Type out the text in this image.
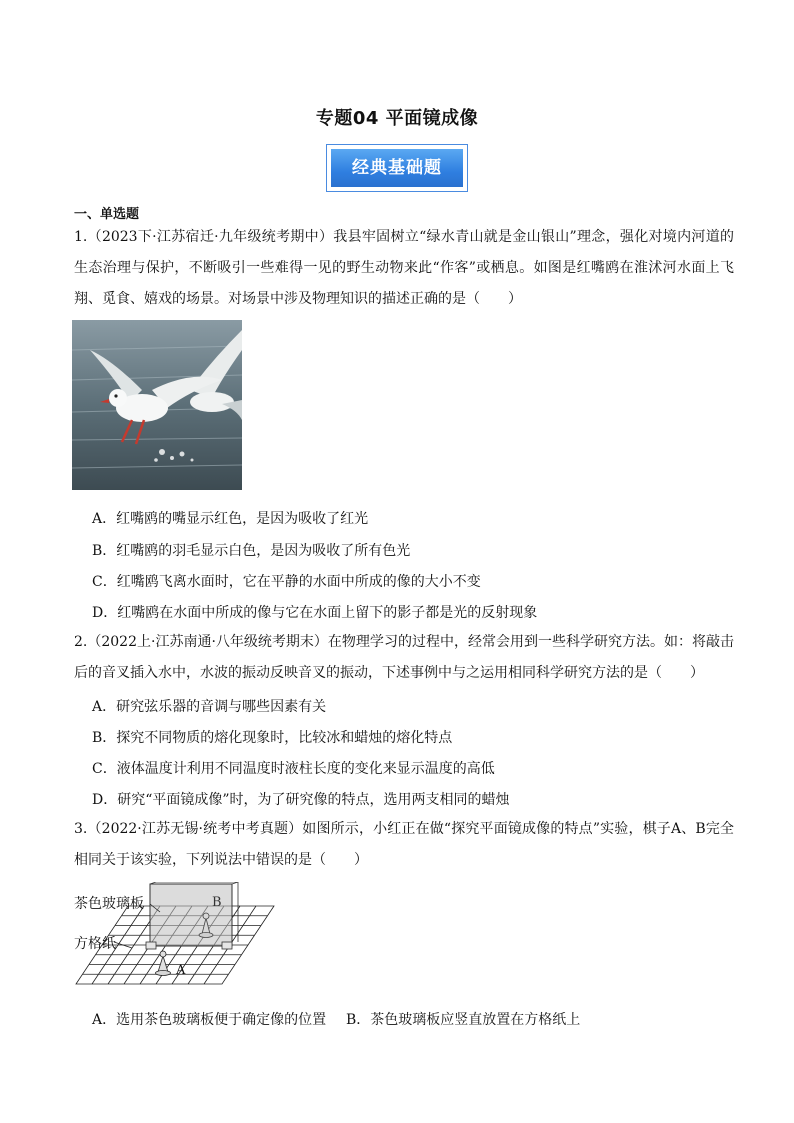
专题04 平面镜成像
经典基础题
一、单选题
1.（2023下·江苏宿迁·九年级统考期中）我县牢固树立“绿水青山就是金山银山”理念，强化对境内河道的生态治理与保护，不断吸引一些难得一见的野生动物来此“作客”或栖息。如图是红嘴鸥在淮沭河水面上飞翔、觅食、嬉戏的场景。对场景中涉及物理知识的描述正确的是（　　）
A．红嘴鸥的嘴显示红色，是因为吸收了红光
B．红嘴鸥的羽毛显示白色，是因为吸收了所有色光
C．红嘴鸥飞离水面时，它在平静的水面中所成的像的大小不变
D．红嘴鸥在水面中所成的像与它在水面上留下的影子都是光的反射现象
2.（2022上·江苏南通·八年级统考期末）在物理学习的过程中，经常会用到一些科学研究方法。如：将敲击后的音叉插入水中，水波的振动反映音叉的振动，下述事例中与之运用相同科学研究方法的是（　　）
A．研究弦乐器的音调与哪些因素有关
B．探究不同物质的熔化现象时，比较冰和蜡烛的熔化特点
C．液体温度计利用不同温度时液柱长度的变化来显示温度的高低
D．研究“平面镜成像”时，为了研究像的特点，选用两支相同的蜡烛
3.（2022·江苏无锡·统考中考真题）如图所示，小红正在做“探究平面镜成像的特点”实验，棋子A、B完全相同关于该实验，下列说法中错误的是（　　）
茶色玻璃板
方格纸
B
A
A．选用茶色玻璃板便于确定像的位置 B．茶色玻璃板应竖直放置在方格纸上
